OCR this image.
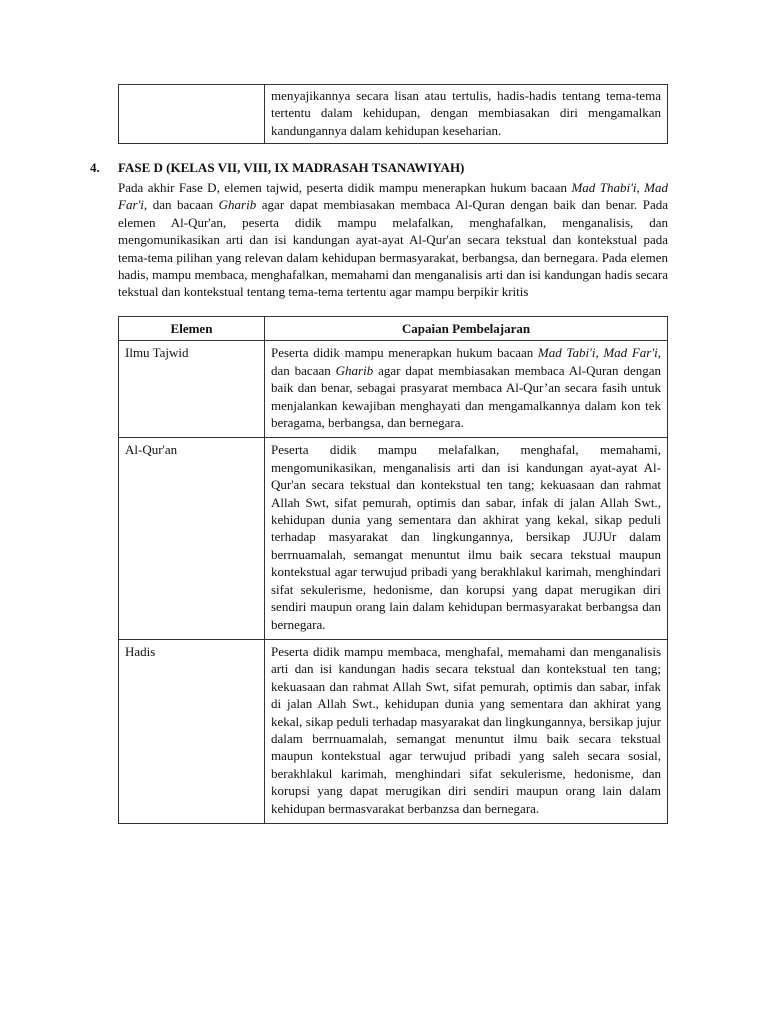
	menyajikannya secara lisan atau tertulis, hadis-hadis tentang tema-tema tertentu dalam kehidupan, dengan membiasakan diri mengamalkan kandungannya dalam kehidupan keseharian.
4. FASE D (KELAS VII, VIII, IX MADRASAH TSANAWIYAH)

Pada akhir Fase D, elemen tajwid, peserta didik mampu menerapkan hukum bacaan Mad Thabi'i, Mad Far'i, dan bacaan Gharib agar dapat membiasakan membaca Al-Quran dengan baik dan benar. Pada elemen Al-Qur'an, peserta didik mampu melafalkan, menghafalkan, menganalisis, dan mengomunikasikan arti dan isi kandungan ayat-ayat Al-Qur'an secara tekstual dan kontekstual pada tema-tema pilihan yang relevan dalam kehidupan bermasyarakat, berbangsa, dan bernegara. Pada elemen hadis, mampu membaca, menghafalkan, memahami dan menganalisis arti dan isi kandungan hadis secara tekstual dan kontekstual tentang tema-tema tertentu agar mampu berpikir kritis

Elemen	Capaian Pembelajaran
Ilmu Tajwid	Peserta didik mampu menerapkan hukum bacaan Mad Tabi'i, Mad Far'i, dan bacaan Gharib agar dapat membiasakan membaca Al-Quran dengan baik dan benar, sebagai prasyarat membaca Al-Qur’an secara fasih untuk menjalankan kewajiban menghayati dan mengamalkannya dalam kon tek beragama, berbangsa, dan bernegara.
Al-Qur'an	Peserta didik mampu melafalkan, menghafal, memahami, mengomunikasikan, menganalisis arti dan isi kandungan ayat-ayat Al-Qur'an secara tekstual dan kontekstual ten tang; kekuasaan dan rahmat Allah Swt, sifat pemurah, optimis dan sabar, infak di jalan Allah Swt., kehidupan dunia yang sementara dan akhirat yang kekal, sikap peduli terhadap masyarakat dan lingkungannya, bersikap JUJUr dalam berrnuamalah, semangat menuntut ilmu baik secara tekstual maupun kontekstual agar terwujud pribadi yang berakhlakul karimah, menghindari sifat sekulerisme, hedonisme, dan korupsi yang dapat merugikan diri sendiri maupun orang lain dalam kehidupan bermasyarakat berbangsa dan bernegara.
Hadis	Peserta didik mampu membaca, menghafal, memahami dan menganalisis arti dan isi kandungan hadis secara tekstual dan kontekstual ten tang; kekuasaan dan rahmat Allah Swt, sifat pemurah, optimis dan sabar, infak di jalan Allah Swt., kehidupan dunia yang sementara dan akhirat yang kekal, sikap peduli terhadap masyarakat dan lingkungannya, bersikap jujur dalam berrnuamalah, semangat menuntut ilmu baik secara tekstual maupun kontekstual agar terwujud pribadi yang saleh secara sosial, berakhlakul karimah, menghindari sifat sekulerisme, hedonisme, dan korupsi yang dapat merugikan diri sendiri maupun orang lain dalam kehidupan bermasvarakat berbanzsa dan bernegara.
